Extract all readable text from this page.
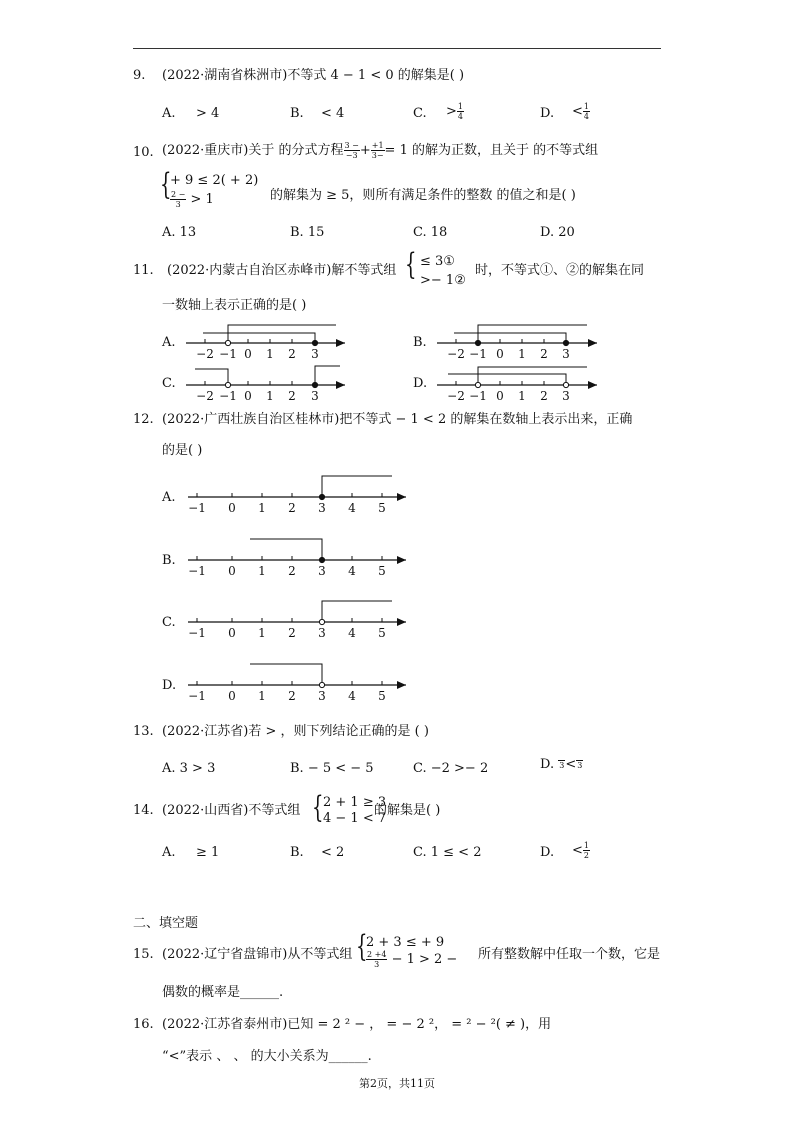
9. (2022·湖南省株洲市)不等式 4 − 1 < 0 的解集是( )
A. > 4	B. < 4	C. > $\frac{1}{4}$	D. < $\frac{1}{4}$
10. (2022·重庆市)关于 的分式方程 $\frac{3 -}{-3} + \frac{+1}{3-} = 1$ 的解为正数，且关于 的不等式组
{
+ 9 ≤ 2( + 2)
$\frac{2 -}{3} > 1$	的解集为 ≥ 5，则所有满足条件的整数 的值之和是( )
A. 13	B. 15	C. 18	D. 20
11. (2022·内蒙古自治区赤峰市)解不等式组 { ≤ 3①
>− 1②
时，不等式①、②的解集在同
一数轴上表示正确的是( )
A.	B.
C.	D.
−2 −1 0 1 2 3	−2 −1 0 1 2 3
−2 −1 0 1 2 3	−2 −1 0 1 2 3
−1 0 1 2 3 4 5
−1 0 1 2 3 4 5
−1 0 1 2 3 4 5
−1 0 1 2 3 4 5
12. (2022·广西壮族自治区桂林市)把不等式 − 1 < 2 的解集在数轴上表示出来，正确
的是( )
A.
B.
C.
D.
13. (2022·江苏省)若 > ，则下列结论正确的是 ( )
A. 3 > 3	B. − 5 < − 5	C. −2 >− 2	D. 3 < 3
14. (2022·山西省)不等式组 { 2 + 1 ≥ 3
4 − 1 < 7
的解集是( )
A. ≥ 1	B. < 2	C. 1 ≤ < 2	D. < $\frac{1}{2}$
二、填空题
15. (2022·辽宁省盘锦市)从不等式组 {
2 + 3 ≤ + 9
$\frac{2 +4}{3} - 1 > 2$ − 所有整数解中任取一个数，它是
偶数的概率是______.
16. (2022·江苏省泰州市)已知 = 2 ² − ， = − 2 ²， = ² − ²( ≠ )，用
“<”表示 、 、 的大小关系为______.
第2页，共11页
